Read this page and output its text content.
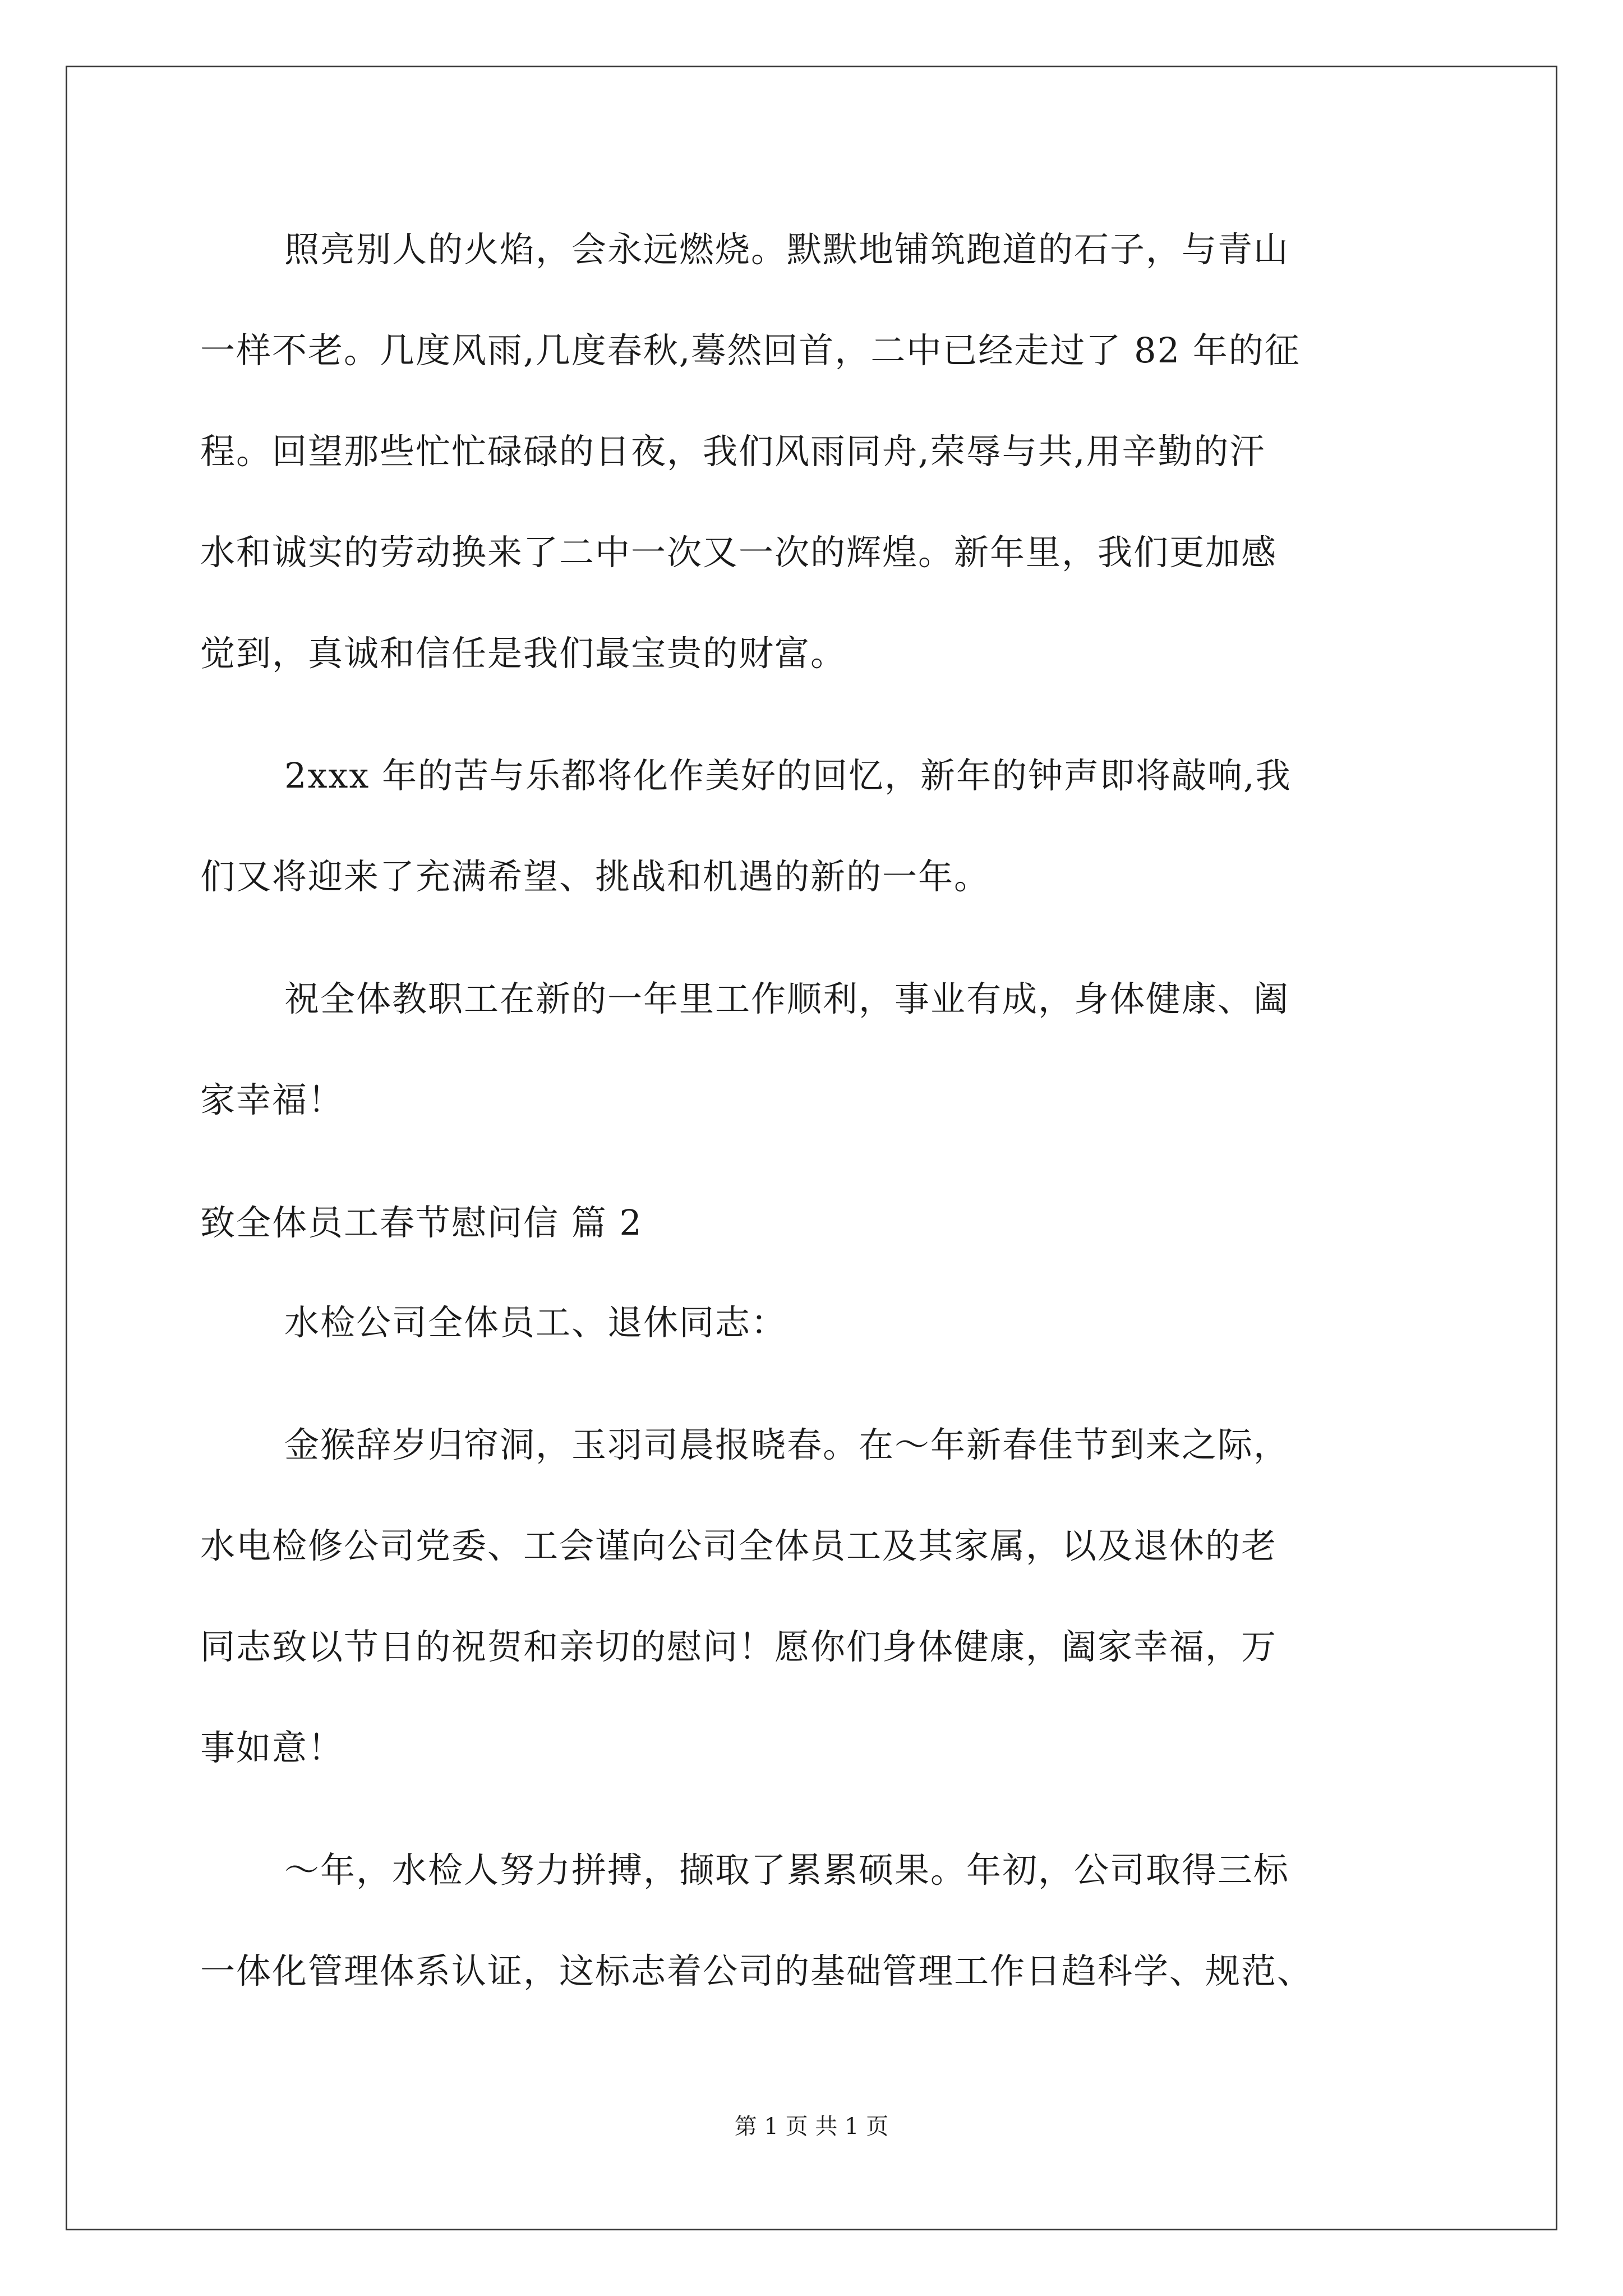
照亮别人的火焰，会永远燃烧。默默地铺筑跑道的石子，与青山
一样不老。几度风雨,几度春秋,蓦然回首，二中已经走过了 82 年的征
程。回望那些忙忙碌碌的日夜，我们风雨同舟,荣辱与共,用辛勤的汗
水和诚实的劳动换来了二中一次又一次的辉煌。新年里，我们更加感
觉到，真诚和信任是我们最宝贵的财富。
2xxx 年的苦与乐都将化作美好的回忆，新年的钟声即将敲响,我
们又将迎来了充满希望、挑战和机遇的新的一年。
祝全体教职工在新的一年里工作顺利，事业有成，身体健康、阖
家幸福！
致全体员工春节慰问信 篇 2
水检公司全体员工、退休同志：
金猴辞岁归帘洞，玉羽司晨报晓春。在～年新春佳节到来之际，
水电检修公司党委、工会谨向公司全体员工及其家属，以及退休的老
同志致以节日的祝贺和亲切的慰问！愿你们身体健康，阖家幸福，万
事如意！
～年，水检人努力拼搏，撷取了累累硕果。年初，公司取得三标
一体化管理体系认证，这标志着公司的基础管理工作日趋科学、规范、
第 1 页 共 1 页
